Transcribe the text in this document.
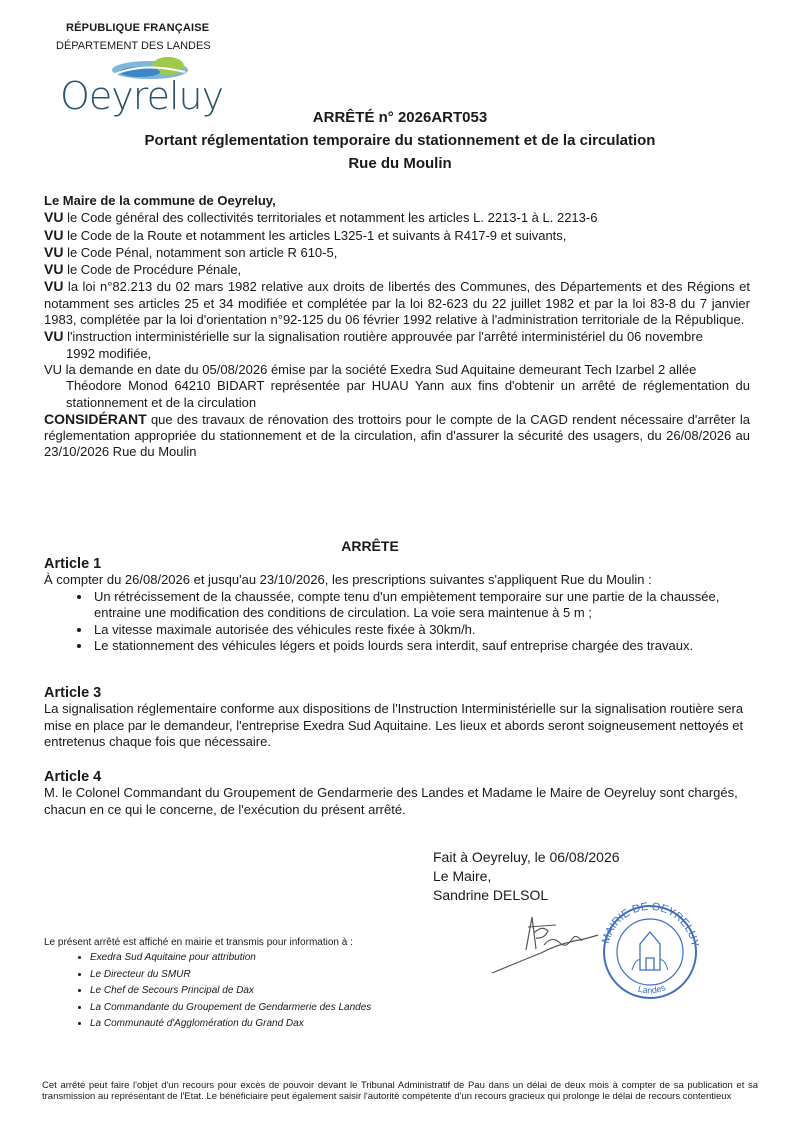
RÉPUBLIQUE FRANÇAISE
DÉPARTEMENT DES LANDES
Oeyreluy	ARRÊTÉ n° 2026ART053
Portant réglementation temporaire du stationnement et de la circulation
Rue du Moulin

Le Maire de la commune de Oeyreluy,

VU le Code général des collectivités territoriales et notamment les articles L. 2213-1 à L. 2213-6

VU le Code de la Route et notamment les articles L325-1 et suivants à R417-9 et suivants,

VU le Code Pénal, notamment son article R 610-5,

VU le Code de Procédure Pénale,

VU la loi n°82.213 du 02 mars 1982 relative aux droits de libertés des Communes, des Départements et des Régions et notamment ses articles 25 et 34 modifiée et complétée par la loi 82-623 du 22 juillet 1982 et par la loi 83-8 du 7 janvier 1983, complétée par la loi d'orientation n°92-125 du 06 février 1992 relative à l'administration territoriale de la République.

VU l'instruction interministérielle sur la signalisation routière approuvée par l'arrêté interministériel du 06 novembre

1992 modifiée,

VU la demande en date du 05/08/2026 émise par la société Exedra Sud Aquitaine demeurant Tech Izarbel 2 allée

Théodore Monod 64210 BIDART représentée par HUAU Yann aux fins d'obtenir un arrêté de réglementation du stationnement et de la circulation

CONSIDÉRANT que des travaux de rénovation des trottoirs pour le compte de la CAGD rendent nécessaire d'arrêter la réglementation appropriée du stationnement et de la circulation, afin d'assurer la sécurité des usagers, du 26/08/2026 au 23/10/2026 Rue du Moulin

ARRÊTE

Article 1

À compter du 26/08/2026 et jusqu'au 23/10/2026, les prescriptions suivantes s'appliquent Rue du Moulin :

• Un rétrécissement de la chaussée, compte tenu d'un empiètement temporaire sur une partie de la chaussée, entraine une modification des conditions de circulation. La voie sera maintenue à 5 m ;
• La vitesse maximale autorisée des véhicules reste fixée à 30km/h.
• Le stationnement des véhicules légers et poids lourds sera interdit, sauf entreprise chargée des travaux.

Article 3

La signalisation réglementaire conforme aux dispositions de l'Instruction Interministérielle sur la signalisation routière sera mise en place par le demandeur, l'entreprise Exedra Sud Aquitaine. Les lieux et abords seront soigneusement nettoyés et entretenus chaque fois que nécessaire.

Article 4

M. le Colonel Commandant du Groupement de Gendarmerie des Landes et Madame le Maire de Oeyreluy sont chargés, chacun en ce qui le concerne, de l'exécution du présent arrêté.

Fait à Oeyreluy, le 06/08/2026
Le Maire,
Sandrine DELSOL
MAIRIE DE OEYRELUY
Landes
Le présent arrêté est affiché en mairie et transmis pour information à :
• Exedra Sud Aquitaine pour attribution
• Le Directeur du SMUR
• Le Chef de Secours Principal de Dax
• La Commandante du Groupement de Gendarmerie des Landes
• La Communauté d'Agglomération du Grand Dax
Cet arrêté peut faire l'objet d'un recours pour excès de pouvoir devant le Tribunal Administratif de Pau dans un délai de deux mois à compter de sa publication et sa transmission au représentant de l'Etat. Le bénéficiaire peut également saisir l'autorité compétente d'un recours gracieux qui prolonge le délai de recours contentieux
